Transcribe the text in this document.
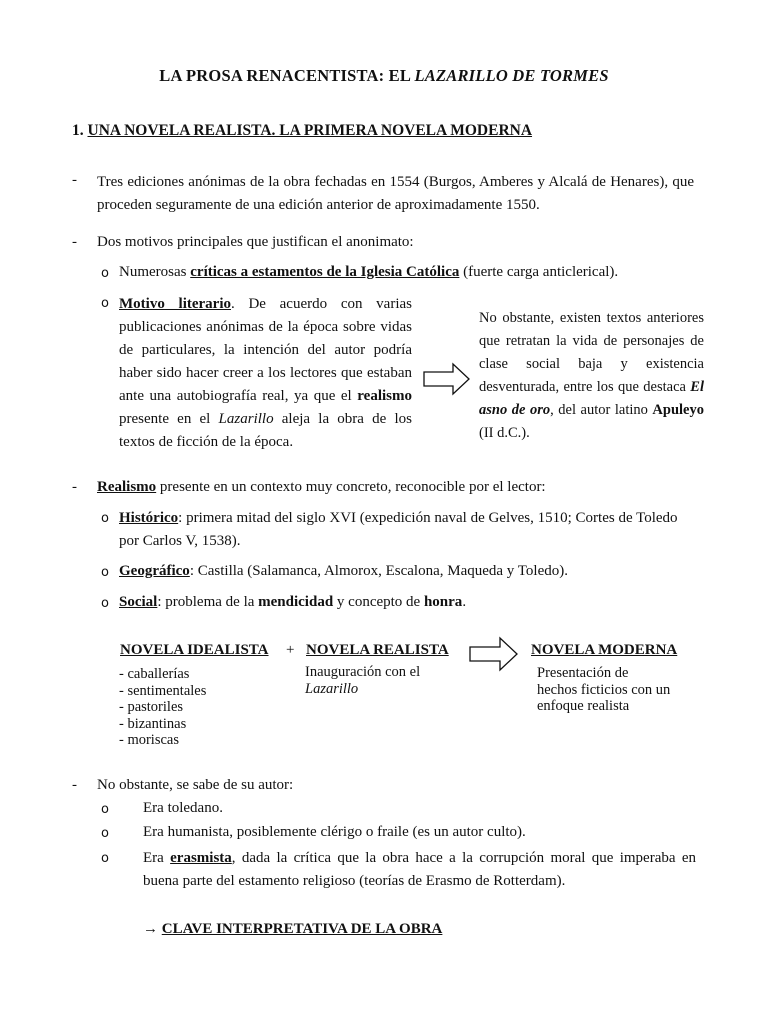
LA PROSA RENACENTISTA: EL LAZARILLO DE TORMES
1. UNA NOVELA REALISTA. LA PRIMERA NOVELA MODERNA
- Tres ediciones anónimas de la obra fechadas en 1554 (Burgos, Amberes y Alcalá de Henares), que proceden seguramente de una edición anterior de aproximadamente 1550.
- Dos motivos principales que justifican el anonimato:
o Numerosas críticas a estamentos de la Iglesia Católica (fuerte carga anticlerical).
o Motivo literario. De acuerdo con varias publicaciones anónimas de la época sobre vidas de particulares, la intención del autor podría haber sido hacer creer a los lectores que estaban ante una autobiografía real, ya que el realismo presente en el Lazarillo aleja la obra de los textos de ficción de la época.
No obstante, existen textos anteriores que retratan la vida de personajes de clase social baja y existencia desventurada, entre los que destaca El asno de oro, del autor latino Apuleyo (II d.C.).
- Realismo presente en un contexto muy concreto, reconocible por el lector:
o Histórico: primera mitad del siglo XVI (expedición naval de Gelves, 1510; Cortes de Toledo por Carlos V, 1538).
o Geográfico: Castilla (Salamanca, Almorox, Escalona, Maqueda y Toledo).
o Social: problema de la mendicidad y concepto de honra.
NOVELA IDEALISTA + NOVELA REALISTA	NOVELA MODERNA
- caballerías
- sentimentales
- pastoriles
- bizantinas
- moriscas
Inauguración con el
Lazarillo
Presentación de
hechos ficticios con un
enfoque realista
- No obstante, se sabe de su autor:
o Era toledano.
o Era humanista, posiblemente clérigo o fraile (es un autor culto).
o Era erasmista, dada la crítica que la obra hace a la corrupción moral que imperaba en buena parte del estamento religioso (teorías de Erasmo de Rotterdam).
→ CLAVE INTERPRETATIVA DE LA OBRA
